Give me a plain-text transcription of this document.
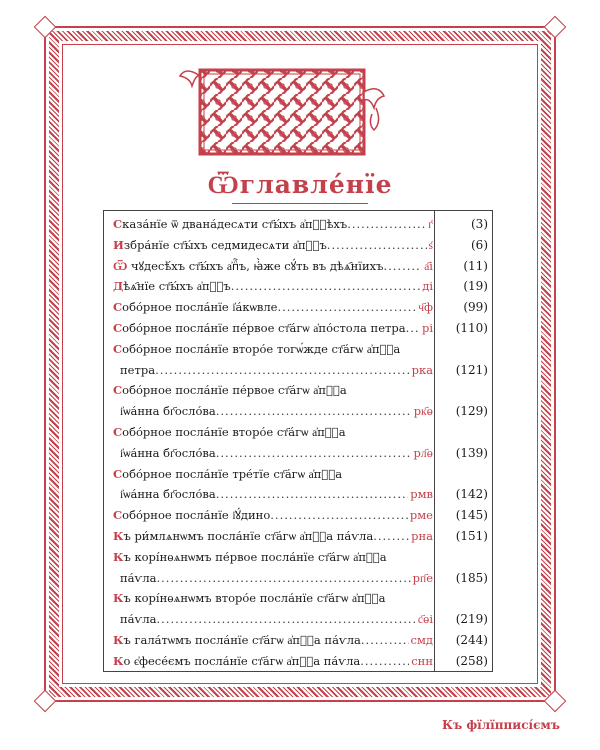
Ѿглавле́нїе
Сказа́нїе ѿ двана́десѧти ст҃ы́хъ а҆пⷧ҇ѣхъ .....	г҃	(3)
Избра́нїе ст҃ы́хъ седмидесѧти а҆пⷧ҇ъ .....	ѕ҃	(6)
Ѿ чꙋдесѣ́хъ ст҃ы́хъ а҆пⷧ҇ъ, ꙗ҆̀же сꙋ́ть въ дѣѧ҄нїихъ .....	а҃і	(11)
Дѣѧ҄нїе ст҃ы́хъ а҆пⷧ҇ъ .....	ді	(19)
Собо́рное посла́нїе і҆а́кѡвле .....	ч҃ф	(99)
Собо́рное посла́нїе пе́рвое ст҃а́гѡ а҆по́стола петра ..... рі	(110)
Собо́рное посла́нїе второ́е тогѡ́жде ст҃а́гѡ а҆пⷧ҇а
петра .....	рка	(121)
Собо́рное посла́нїе пе́рвое ст҃а́гѡ а҆пⷧ҇а
і҆ѡа́нна бг҃осло́ва .....	рк҃ѳ	(129)
Собо́рное посла́нїе второ́е ст҃а́гѡ а҆пⷧ҇а
і҆ѡа́нна бг҃осло́ва .....	рл҃ѳ	(139)
Собо́рное посла́нїе тре́тїе ст҃а́гѡ а҆пⷧ҇а
і҆ѡа́нна бг҃осло́ва .....	рмв	(142)
Собо́рное посла́нїе і҆ꙋ́дино .....	рме	(145)
Къ ри́млѧнѡмъ посла́нїе ст҃а́гѡ а҆пⷧ҇а па́ѵла .....	рна	(151)
Къ корі́нѳѧнѡмъ пе́рвое посла́нїе ст҃а́гѡ а҆пⷧ҇а
па́ѵла .....	рп҃е	(185)
Къ корі́нѳѧнѡмъ второ́е посла́нїе ст҃а́гѡ а҆пⷧ҇а
па́ѵла .....	с҃ѳі	(219)
Къ гала́тѡмъ посла́нїе ст҃а́гѡ а҆пⷧ҇а па́ѵла .....	смд	(244)
Ко є҆фесе́ємъ посла́нїе ст҃а́гѡ а҆пⷧ҇а па́ѵла .....	снн	(258)
Къ фїлїпписі́ємъ
